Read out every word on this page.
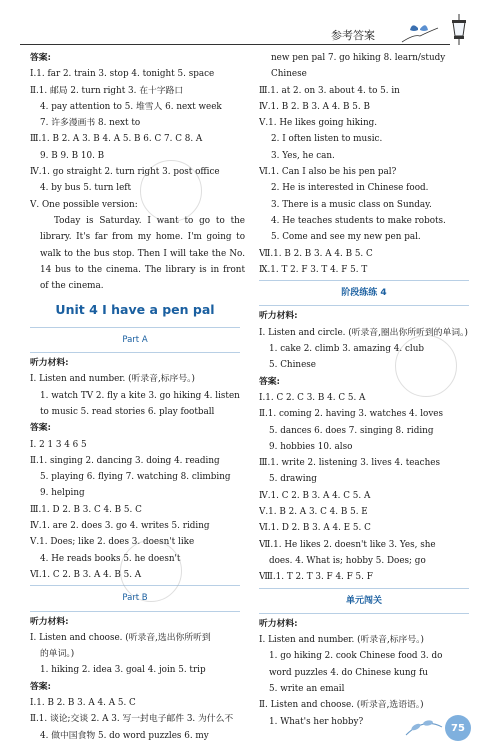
参考答案
答案:
Ⅰ.1. far 2. train 3. stop 4. tonight 5. space
Ⅱ.1. 邮局 2. turn right 3. 在十字路口
4. pay attention to 5. 堆雪人 6. next week
7. 许多漫画书 8. next to
Ⅲ.1. B 2. A 3. B 4. A 5. B 6. C 7. C 8. A
9. B 9. B 10. B
Ⅳ.1. go straight 2. turn right 3. post office
4. by bus 5. turn left
Ⅴ. One possible version:
Today is Saturday. I want to go to the library. It's far from my home. I'm going to walk to the bus stop. Then I will take the No. 14 bus to the cinema. The library is in front of the cinema.
Unit 4 I have a pen pal
Part A
听力材料:
Ⅰ. Listen and number. (听录音,标序号。)
1. watch TV 2. fly a kite 3. go hiking 4. listen
to music 5. read stories 6. play football
答案:
Ⅰ. 2 1 3 4 6 5
Ⅱ.1. singing 2. dancing 3. doing 4. reading
5. playing 6. flying 7. watching 8. climbing
9. helping
Ⅲ.1. D 2. B 3. C 4. B 5. C
Ⅳ.1. are 2. does 3. go 4. writes 5. riding
Ⅴ.1. Does; like 2. does 3. doesn't like
4. He reads books 5. he doesn't
Ⅵ.1. C 2. B 3. A 4. B 5. A
Part B
听力材料:
Ⅰ. Listen and choose. (听录音,选出你所听到
的单词。)
1. hiking 2. idea 3. goal 4. join 5. trip
答案:
Ⅰ.1. B 2. B 3. A 4. A 5. C
Ⅱ.1. 谈论;交谈 2. A 3. 写一封电子邮件 3. 为什么不
4. 做中国食物 5. do word puzzles 6. my
new pen pal 7. go hiking 8. learn/study
Chinese
Ⅲ.1. at 2. on 3. about 4. to 5. in
Ⅳ.1. B 2. B 3. A 4. B 5. B
Ⅴ.1. He likes going hiking.
2. I often listen to music.
3. Yes, he can.
Ⅵ.1. Can I also be his pen pal?
2. He is interested in Chinese food.
3. There is a music class on Sunday.
4. He teaches students to make robots.
5. Come and see my new pen pal.
Ⅶ.1. B 2. B 3. A 4. B 5. C
Ⅸ.1. T 2. F 3. T 4. F 5. T
阶段练练 4
听力材料:
Ⅰ. Listen and circle. (听录音,圈出你所听到的单词。)
1. cake 2. climb 3. amazing 4. club
5. Chinese
答案:
Ⅰ.1. C 2. C 3. B 4. C 5. A
Ⅱ.1. coming 2. having 3. watches 4. loves
5. dances 6. does 7. singing 8. riding
9. hobbies 10. also
Ⅲ.1. write 2. listening 3. lives 4. teaches
5. drawing
Ⅳ.1. C 2. B 3. A 4. C 5. A
Ⅴ.1. B 2. A 3. C 4. B 5. E
Ⅵ.1. D 2. B 3. A 4. E 5. C
Ⅶ.1. He likes 2. doesn't like 3. Yes, she
does. 4. What is; hobby 5. Does; go
Ⅷ.1. T 2. T 3. F 4. F 5. F
单元闯关
听力材料:
Ⅰ. Listen and number. (听录音,标序号。)
1. go hiking 2. cook Chinese food 3. do
word puzzles 4. do Chinese kung fu
5. write an email
Ⅱ. Listen and choose. (听录音,选语语。)
1. What's her hobby?
75
